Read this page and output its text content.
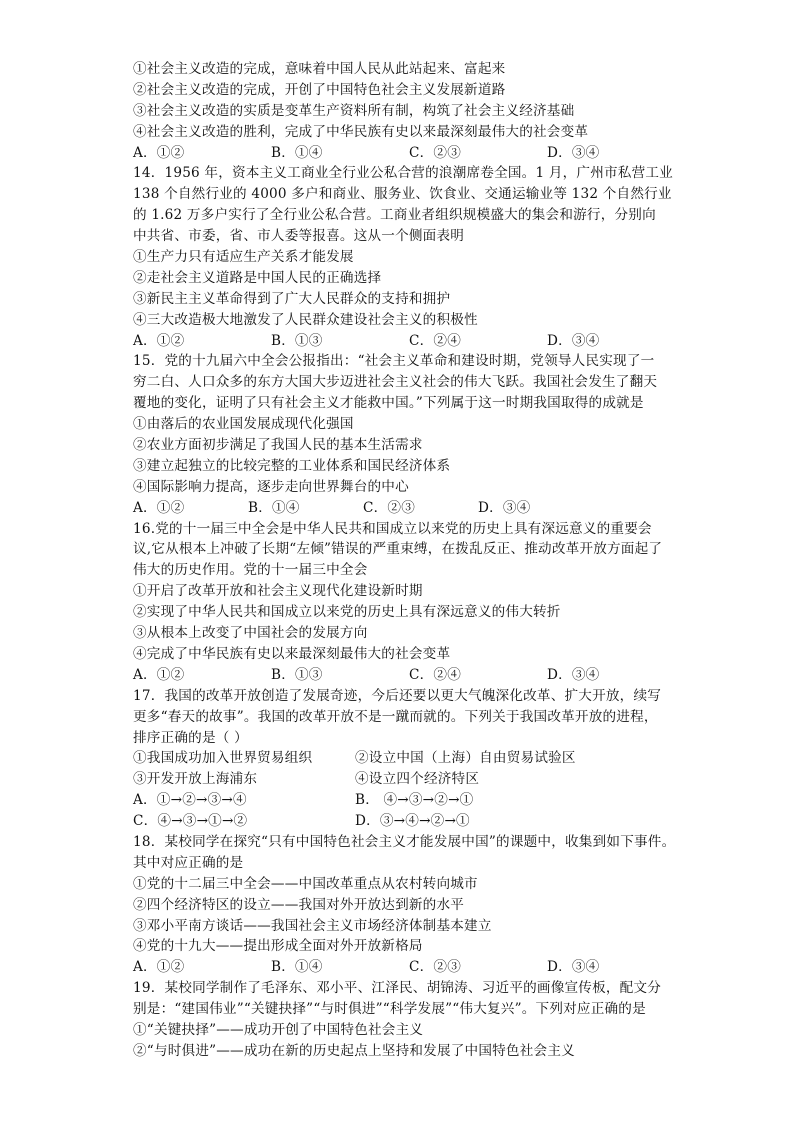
①社会主义改造的完成，意味着中国人民从此站起来、富起来
②社会主义改造的完成，开创了中国特色社会主义发展新道路
③社会主义改造的实质是变革生产资料所有制，构筑了社会主义经济基础
④社会主义改造的胜利，完成了中华民族有史以来最深刻最伟大的社会变革
A．①②	B．①④	C．②③	D．③④
14．1956 年，资本主义工商业全行业公私合营的浪潮席卷全国。1 月，广州市私营工业
138 个自然行业的 4000 多户和商业、服务业、饮食业、交通运输业等 132 个自然行业
的 1.62 万多户实行了全行业公私合营。工商业者组织规模盛大的集会和游行，分别向
中共省、市委，省、市人委等报喜。这从一个侧面表明
①生产力只有适应生产关系才能发展
②走社会主义道路是中国人民的正确选择
③新民主主义革命得到了广大人民群众的支持和拥护
④三大改造极大地激发了人民群众建设社会主义的积极性
A．①②	B．①③	C．②④	D．③④
15．党的十九届六中全会公报指出：“社会主义革命和建设时期，党领导人民实现了一
穷二白、人口众多的东方大国大步迈进社会主义社会的伟大飞跃。我国社会发生了翻天
覆地的变化，证明了只有社会主义才能救中国。”下列属于这一时期我国取得的成就是
①由落后的农业国发展成现代化强国
②农业方面初步满足了我国人民的基本生活需求
③建立起独立的比较完整的工业体系和国民经济体系
④国际影响力提高，逐步走向世界舞台的中心
A．①②	B．①④	C．②③	D．③④
16.党的十一届三中全会是中华人民共和国成立以来党的历史上具有深远意义的重要会
议,它从根本上冲破了长期“左倾”错误的严重束缚，在拨乱反正、推动改革开放方面起了
伟大的历史作用。党的十一届三中全会
①开启了改革开放和社会主义现代化建设新时期
②实现了中华人民共和国成立以来党的历史上具有深远意义的伟大转折
③从根本上改变了中国社会的发展方向
④完成了中华民族有史以来最深刻最伟大的社会变革
A．①②	B．①③	C．②④	D．③④
17．我国的改革开放创造了发展奇迹，今后还要以更大气魄深化改革、扩大开放，续写
更多“春天的故事”。我国的改革开放不是一蹴而就的。下列关于我国改革开放的进程，
排序正确的是（ ）
①我国成功加入世界贸易组织	②设立中国（上海）自由贸易试验区
③开发开放上海浦东	④设立四个经济特区
A．①→②→③→④	B． ④→③→②→①
C．④→③→①→②	D．③→④→②→①
18．某校同学在探究“只有中国特色社会主义才能发展中国”的课题中，收集到如下事件。
其中对应正确的是
①党的十二届三中全会——中国改革重点从农村转向城市
②四个经济特区的设立——我国对外开放达到新的水平
③邓小平南方谈话——我国社会主义市场经济体制基本建立
④党的十九大——提出形成全面对外开放新格局
A．①②	B．①④	C．②③	D．③④
19．某校同学制作了毛泽东、邓小平、江泽民、胡锦涛、习近平的画像宣传板，配文分
别是：“建国伟业”“关键抉择”“与时俱进”“科学发展”“伟大复兴”。下列对应正确的是
①“关键抉择”——成功开创了中国特色社会主义
②“与时俱进”——成功在新的历史起点上坚持和发展了中国特色社会主义
